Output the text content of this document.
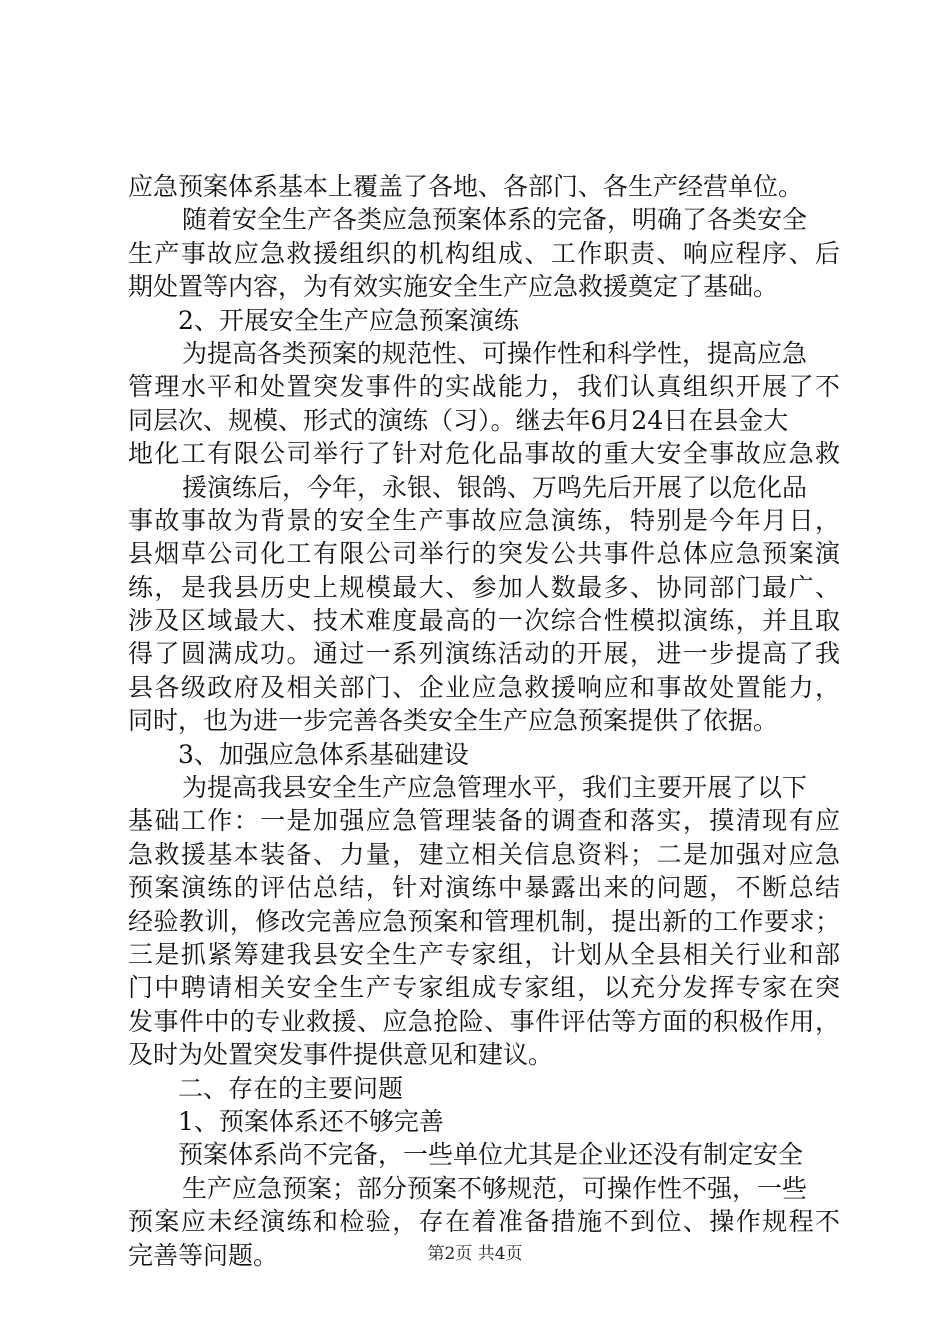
应急预案体系基本上覆盖了各地、各部门、各生产经营单位。
随着安全生产各类应急预案体系的完备，明确了各类安全
生产事故应急救援组织的机构组成、工作职责、响应程序、后
期处置等内容，为有效实施安全生产应急救援奠定了基础。
2、开展安全生产应急预案演练
为提高各类预案的规范性、可操作性和科学性，提高应急
管理水平和处置突发事件的实战能力，我们认真组织开展了不
同层次、规模、形式的演练（习）。继去年6月24日在县金大
地化工有限公司举行了针对危化品事故的重大安全事故应急救
援演练后，今年，永银、银鸽、万鸣先后开展了以危化品
事故事故为背景的安全生产事故应急演练，特别是今年月日，
县烟草公司化工有限公司举行的突发公共事件总体应急预案演
练，是我县历史上规模最大、参加人数最多、协同部门最广、
涉及区域最大、技术难度最高的一次综合性模拟演练，并且取
得了圆满成功。通过一系列演练活动的开展，进一步提高了我
县各级政府及相关部门、企业应急救援响应和事故处置能力，
同时，也为进一步完善各类安全生产应急预案提供了依据。
3、加强应急体系基础建设
为提高我县安全生产应急管理水平，我们主要开展了以下
基础工作：一是加强应急管理装备的调查和落实，摸清现有应
急救援基本装备、力量，建立相关信息资料；二是加强对应急
预案演练的评估总结，针对演练中暴露出来的问题，不断总结
经验教训，修改完善应急预案和管理机制，提出新的工作要求；
三是抓紧筹建我县安全生产专家组，计划从全县相关行业和部
门中聘请相关安全生产专家组成专家组，以充分发挥专家在突
发事件中的专业救援、应急抢险、事件评估等方面的积极作用，
及时为处置突发事件提供意见和建议。
二、存在的主要问题
1、预案体系还不够完善
预案体系尚不完备，一些单位尤其是企业还没有制定安全
生产应急预案；部分预案不够规范，可操作性不强，一些
预案应未经演练和检验，存在着准备措施不到位、操作规程不
完善等问题。	第2页 共4页
